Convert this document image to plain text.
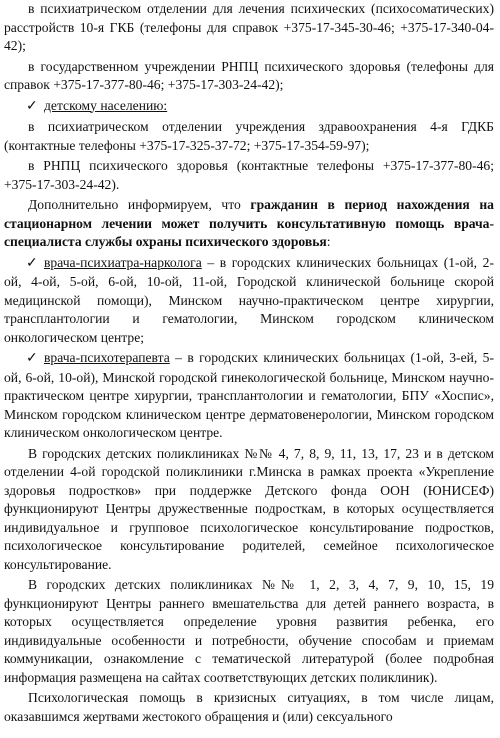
в психиатрическом отделении для лечения психических (психосоматических) расстройств 10-я ГКБ (телефоны для справок +375-17-345-30-46; +375-17-340-04-42);

в государственном учреждении РНПЦ психического здоровья (телефоны для справок +375-17-377-80-46; +375-17-303-24-42);

✓ детскому населению:

в психиатрическом отделении учреждения здравоохранения 4-я ГДКБ (контактные телефоны +375-17-325-37-72; +375-17-354-59-97);

в РНПЦ психического здоровья (контактные телефоны +375-17-377-80-46; +375-17-303-24-42).

Дополнительно информируем, что гражданин в период нахождения на стационарном лечении может получить консультативную помощь врача-специалиста службы охраны психического здоровья:

✓ врача-психиатра-нарколога – в городских клинических больницах (1-ой, 2-ой, 4-ой, 5-ой, 6-ой, 10-ой, 11-ой, Городской клинической больнице скорой медицинской помощи), Минском научно-практическом центре хирургии, трансплантологии и гематологии, Минском городском клиническом онкологическом центре;

✓ врача-психотерапевта – в городских клинических больницах (1-ой, 3-ей, 5-ой, 6-ой, 10-ой), Минской городской гинекологической больнице, Минском научно-практическом центре хирургии, трансплантологии и гематологии, БПУ «Хоспис», Минском городском клиническом центре дерматовенерологии, Минском городском клиническом онкологическом центре.

В городских детских поликлиниках №№ 4, 7, 8, 9, 11, 13, 17, 23 и в детском отделении 4-ой городской поликлиники г.Минска в рамках проекта «Укрепление здоровья подростков» при поддержке Детского фонда ООН (ЮНИСЕФ) функционируют Центры дружественные подросткам, в которых осуществляется индивидуальное и групповое психологическое консультирование подростков, психологическое консультирование родителей, семейное психологическое консультирование.

В городских детских поликлиниках №№ 1, 2, 3, 4, 7, 9, 10, 15, 19 функционируют Центры раннего вмешательства для детей раннего возраста, в которых осуществляется определение уровня развития ребенка, его индивидуальные особенности и потребности, обучение способам и приемам коммуникации, ознакомление с тематической литературой (более подробная информация размещена на сайтах соответствующих детских поликлиник).

Психологическая помощь в кризисных ситуациях, в том числе лицам, оказавшимся жертвами жестокого обращения и (или) сексуального
